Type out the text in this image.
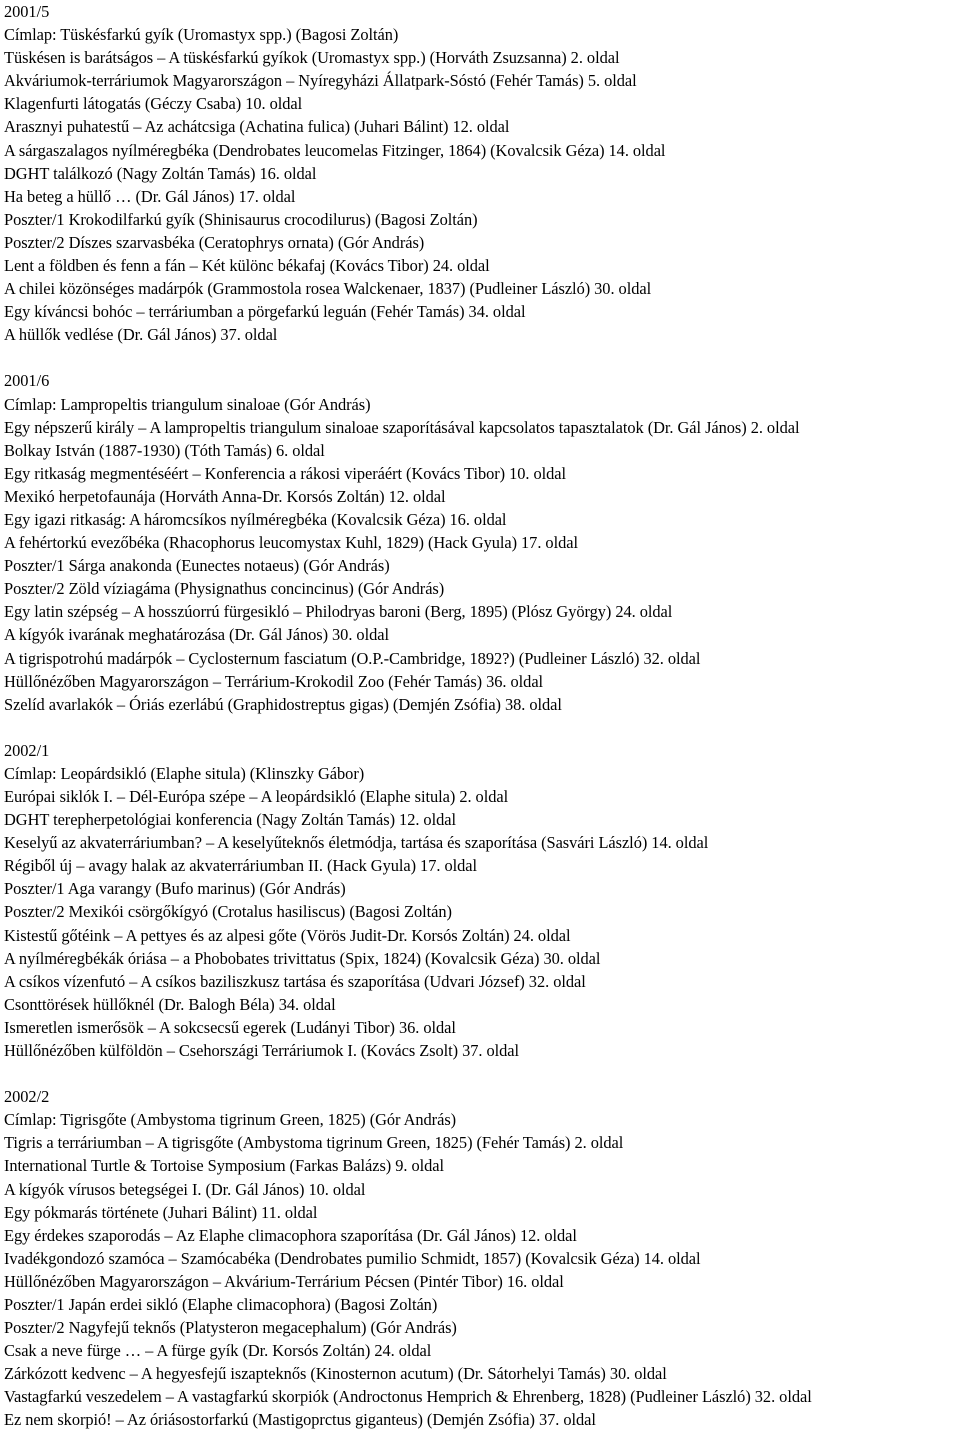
2001/5
Címlap: Tüskésfarkú gyík (Uromastyx spp.) (Bagosi Zoltán)
Tüskésen is barátságos – A tüskésfarkú gyíkok (Uromastyx spp.) (Horváth Zsuzsanna) 2. oldal
Akváriumok-terráriumok Magyarországon – Nyíregyházi Állatpark-Sóstó (Fehér Tamás) 5. oldal
Klagenfurti látogatás (Géczy Csaba) 10. oldal
Arasznyi puhatestű – Az achátcsiga (Achatina fulica) (Juhari Bálint) 12. oldal
A sárgaszalagos nyílméregbéka (Dendrobates leucomelas Fitzinger, 1864) (Kovalcsik Géza) 14. oldal
DGHT találkozó (Nagy Zoltán Tamás) 16. oldal
Ha beteg a hüllő … (Dr. Gál János) 17. oldal
Poszter/1 Krokodilfarkú gyík (Shinisaurus crocodilurus) (Bagosi Zoltán)
Poszter/2 Díszes szarvasbéka (Ceratophrys ornata) (Gór András)
Lent a földben és fenn a fán – Két különc békafaj (Kovács Tibor) 24. oldal
A chilei közönséges madárpók (Grammostola rosea Walckenaer, 1837) (Pudleiner László) 30. oldal
Egy kíváncsi bohóc – terráriumban a pörgefarkú leguán (Fehér Tamás) 34. oldal
A hüllők vedlése (Dr. Gál János) 37. oldal
2001/6
Címlap: Lampropeltis triangulum sinaloae (Gór András)
Egy népszerű király – A lampropeltis triangulum sinaloae szaporításával kapcsolatos tapasztalatok (Dr. Gál János) 2. oldal
Bolkay István (1887-1930) (Tóth Tamás) 6. oldal
Egy ritkaság megmentéséért – Konferencia a rákosi viperáért (Kovács Tibor) 10. oldal
Mexikó herpetofaunája (Horváth Anna-Dr. Korsós Zoltán) 12. oldal
Egy igazi ritkaság: A háromcsíkos nyílméregbéka (Kovalcsik Géza) 16. oldal
A fehértorkú evezőbéka (Rhacophorus leucomystax Kuhl, 1829) (Hack Gyula) 17. oldal
Poszter/1 Sárga anakonda (Eunectes notaeus) (Gór András)
Poszter/2 Zöld víziagáma (Physignathus concincinus) (Gór András)
Egy latin szépség – A hosszúorrú fürgesikló – Philodryas baroni (Berg, 1895) (Plósz György) 24. oldal
A kígyók ivarának meghatározása (Dr. Gál János) 30. oldal
A tigrispotrohú madárpók – Cyclosternum fasciatum (O.P.-Cambridge, 1892?) (Pudleiner László) 32. oldal
Hüllőnézőben Magyarországon – Terrárium-Krokodil Zoo (Fehér Tamás) 36. oldal
Szelíd avarlakók – Óriás ezerlábú (Graphidostreptus gigas) (Demjén Zsófia) 38. oldal
2002/1
Címlap: Leopárdsikló (Elaphe situla) (Klinszky Gábor)
Európai siklók I. – Dél-Európa szépe – A leopárdsikló (Elaphe situla) 2. oldal
DGHT terepherpetológiai konferencia (Nagy Zoltán Tamás) 12. oldal
Keselyű az akvaterráriumban? – A keselyűteknős életmódja, tartása és szaporítása (Sasvári László) 14. oldal
Régiből új – avagy halak az akvaterráriumban II. (Hack Gyula) 17. oldal
Poszter/1 Aga varangy (Bufo marinus) (Gór András)
Poszter/2 Mexikói csörgőkígyó (Crotalus hasiliscus) (Bagosi Zoltán)
Kistestű gőtéink – A pettyes és az alpesi gőte (Vörös Judit-Dr. Korsós Zoltán) 24. oldal
A nyílméregbékák óriása – a Phobobates trivittatus (Spix, 1824) (Kovalcsik Géza) 30. oldal
A csíkos vízenfutó – A csíkos baziliszkusz tartása és szaporítása (Udvari József) 32. oldal
Csonttörések hüllőknél (Dr. Balogh Béla) 34. oldal
Ismeretlen ismerősök – A sokcsecsű egerek (Ludányi Tibor) 36. oldal
Hüllőnézőben külföldön – Csehországi Terráriumok I. (Kovács Zsolt) 37. oldal
2002/2
Címlap: Tigrisgőte (Ambystoma tigrinum Green, 1825) (Gór András)
Tigris a terráriumban – A tigrisgőte (Ambystoma tigrinum Green, 1825) (Fehér Tamás) 2. oldal
International Turtle & Tortoise Symposium (Farkas Balázs) 9. oldal
A kígyók vírusos betegségei I. (Dr. Gál János) 10. oldal
Egy pókmarás története (Juhari Bálint) 11. oldal
Egy érdekes szaporodás – Az Elaphe climacophora szaporítása (Dr. Gál János) 12. oldal
Ivadékgondozó szamóca – Szamócabéka (Dendrobates pumilio Schmidt, 1857) (Kovalcsik Géza) 14. oldal
Hüllőnézőben Magyarországon – Akvárium-Terrárium Pécsen (Pintér Tibor) 16. oldal
Poszter/1 Japán erdei sikló (Elaphe climacophora) (Bagosi Zoltán)
Poszter/2 Nagyfejű teknős (Platysteron megacephalum) (Gór András)
Csak a neve fürge … – A fürge gyík (Dr. Korsós Zoltán) 24. oldal
Zárkózott kedvenc – A hegyesfejű iszapteknős (Kinosternon acutum) (Dr. Sátorhelyi Tamás) 30. oldal
Vastagfarkú veszedelem – A vastagfarkú skorpiók (Androctonus Hemprich & Ehrenberg, 1828) (Pudleiner László) 32. oldal
Ez nem skorpió! – Az óriásostorfarkú (Mastigoprctus giganteus) (Demjén Zsófia) 37. oldal
